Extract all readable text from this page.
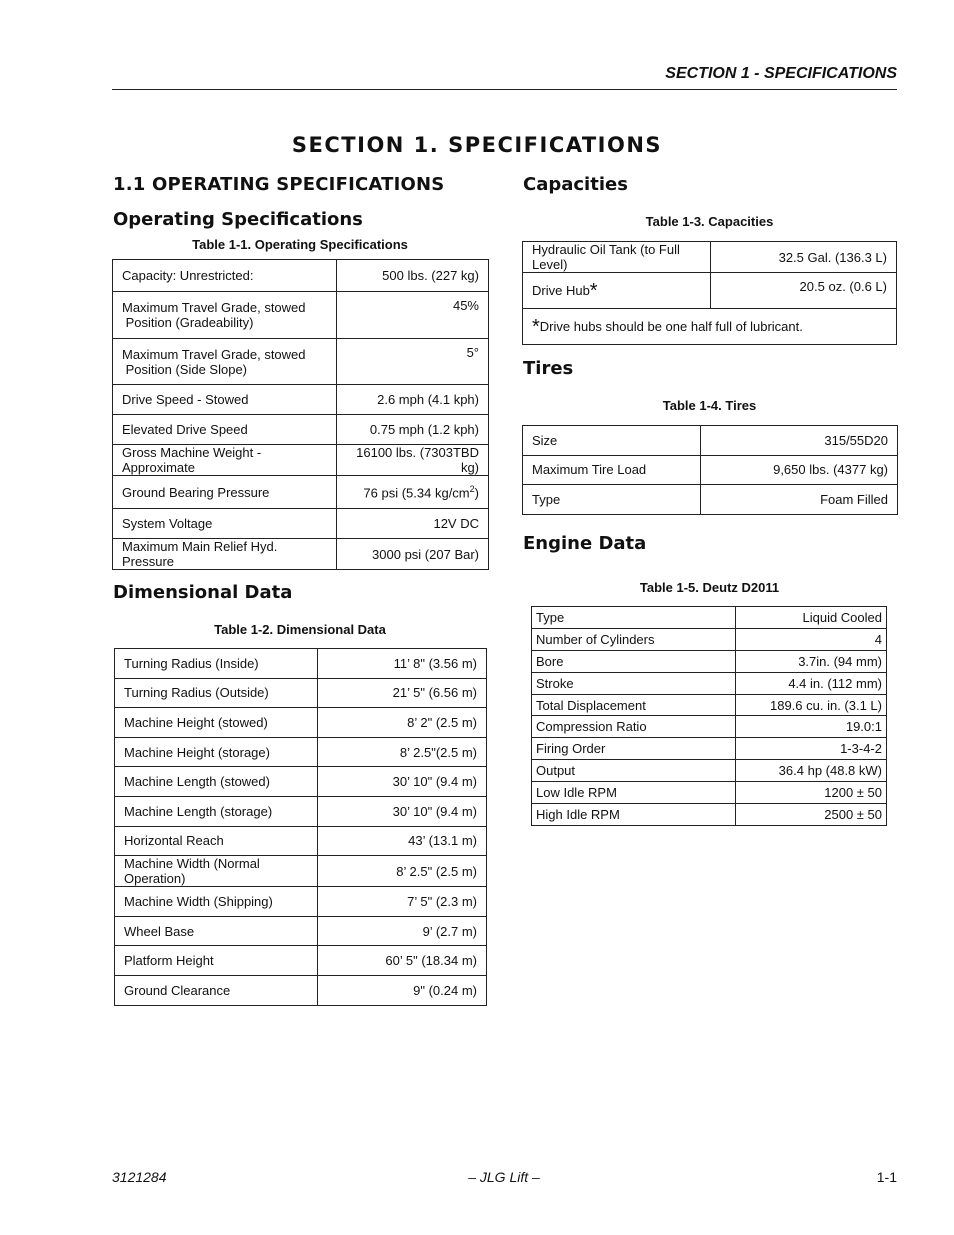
SECTION 1 - SPECIFICATIONS
SECTION 1. SPECIFICATIONS
1.1 OPERATING SPECIFICATIONS
Operating Specifications
Table 1-1. Operating Specifications
Capacity: Unrestricted:	500 lbs. (227 kg)
Maximum Travel Grade, stowed
Position (Gradeability)	45%
Maximum Travel Grade, stowed
Position (Side Slope)	5°
Drive Speed - Stowed	2.6 mph (4.1 kph)
Elevated Drive Speed	0.75 mph (1.2 kph)
Gross Machine Weight - Approximate	16100 lbs. (7303TBD kg)
Ground Bearing Pressure	76 psi (5.34 $kg/cm^2$)
System Voltage	12V DC
Maximum Main Relief Hyd. Pressure	3000 psi (207 Bar)
Dimensional Data
Table 1-2. Dimensional Data
Turning Radius (Inside)	11’ 8" (3.56 m)
Turning Radius (Outside)	21’ 5" (6.56 m)
Machine Height (stowed)	8’ 2" (2.5 m)
Machine Height (storage)	8’ 2.5"(2.5 m)
Machine Length (stowed)	30’ 10" (9.4 m)
Machine Length (storage)	30’ 10" (9.4 m)
Horizontal Reach	43’ (13.1 m)
Machine Width (Normal Operation)	8’ 2.5" (2.5 m)
Machine Width (Shipping)	7’ 5" (2.3 m)
Wheel Base	9’ (2.7 m)
Platform Height	60’ 5" (18.34 m)
Ground Clearance	9" (0.24 m)
Capacities
Table 1-3. Capacities
Hydraulic Oil Tank (to Full Level)	32.5 Gal. (136.3 L)
Drive Hub*	20.5 oz. (0.6 L)
*Drive hubs should be one half full of lubricant.	
Tires
Table 1-4. Tires
Size	315/55D20
Maximum Tire Load	9,650 lbs. (4377 kg)
Type	Foam Filled
Engine Data
Table 1-5. Deutz D2011
Type	Liquid Cooled
Number of Cylinders	4
Bore	3.7in. (94 mm)
Stroke	4.4 in. (112 mm)
Total Displacement	189.6 cu. in. (3.1 L)
Compression Ratio	19.0:1
Firing Order	1-3-4-2
Output	36.4 hp (48.8 kW)
Low Idle RPM	1200 ± 50
High Idle RPM	2500 ± 50
3121284	– JLG Lift –	1-1
